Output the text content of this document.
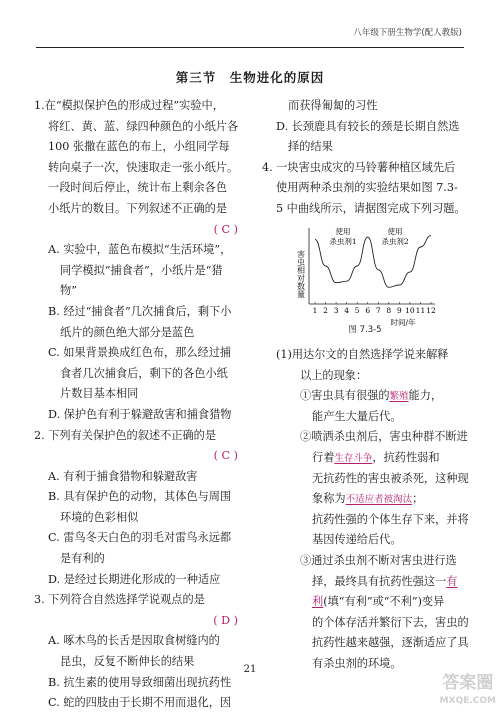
八年级下册生物学(配人教版)
第三节　生物进化的原因
1.在“模拟保护色的形成过程”实验中，
将红、黄、蓝、绿四种颜色的小纸片各
100 张撒在蓝色的布上，小组同学每
转向桌子一次，快速取走一张小纸片。
一段时间后停止，统计布上剩余各色
小纸片的数目。下列叙述不正确的是
( C )
A. 实验中，蓝色布模拟“生活环境”，
同学模拟“捕食者”，小纸片是“猎
物”
B. 经过“捕食者”几次捕食后，剩下小
纸片的颜色绝大部分是蓝色
C. 如果背景换成红色布，那么经过捕
食者几次捕食后，剩下的各色小纸
片数目基本相同
D. 保护色有利于躲避敌害和捕食猎物
2. 下列有关保护色的叙述不正确的是
( C )
A. 有利于捕食猎物和躲避敌害
B. 具有保护色的动物，其体色与周围
环境的色彩相似
C. 雷鸟冬天白色的羽毛对雷鸟永远都
是有利的
D. 是经过长期进化形成的一种适应
3. 下列符合自然选择学说观点的是
( D )
A. 啄木鸟的长舌是因取食树缝内的
昆虫，反复不断伸长的结果
B. 抗生素的使用导致细菌出现抗药性
C. 蛇的四肢由于长期不用而退化，因
而获得匍匐的习性
D. 长颈鹿具有较长的颈是长期自然选
择的结果
4. 一块害虫成灾的马铃薯种植区域先后
使用两种杀虫剂的实验结果如图 7.3-
5 中曲线所示，请据图完成下列习题。
害虫相对数量
1 2 3 4 5 6 7 8 9 10 11 12
使用
杀虫剂1
使用
杀虫剂2
时间/年
图 7.3-5
(1)用达尔文的自然选择学说来解释
以上的现象：
①害虫具有很强的繁殖能力，
能产生大量后代。
②喷洒杀虫剂后，害虫种群不断进
行着生存斗争，抗药性弱和
无抗药性的害虫被杀死，这种现
象称为不适应者被淘汰；
抗药性强的个体生存下来，并将
基因传递给后代。
③通过杀虫剂不断对害虫进行选
择，最终具有抗药性强这一有
利(填“有利”或“不利”)变异
的个体存活并繁衍下去，害虫的
抗药性越来越强，逐渐适应了具
有杀虫剂的环境。
21
答案圈
MXQE.COM
